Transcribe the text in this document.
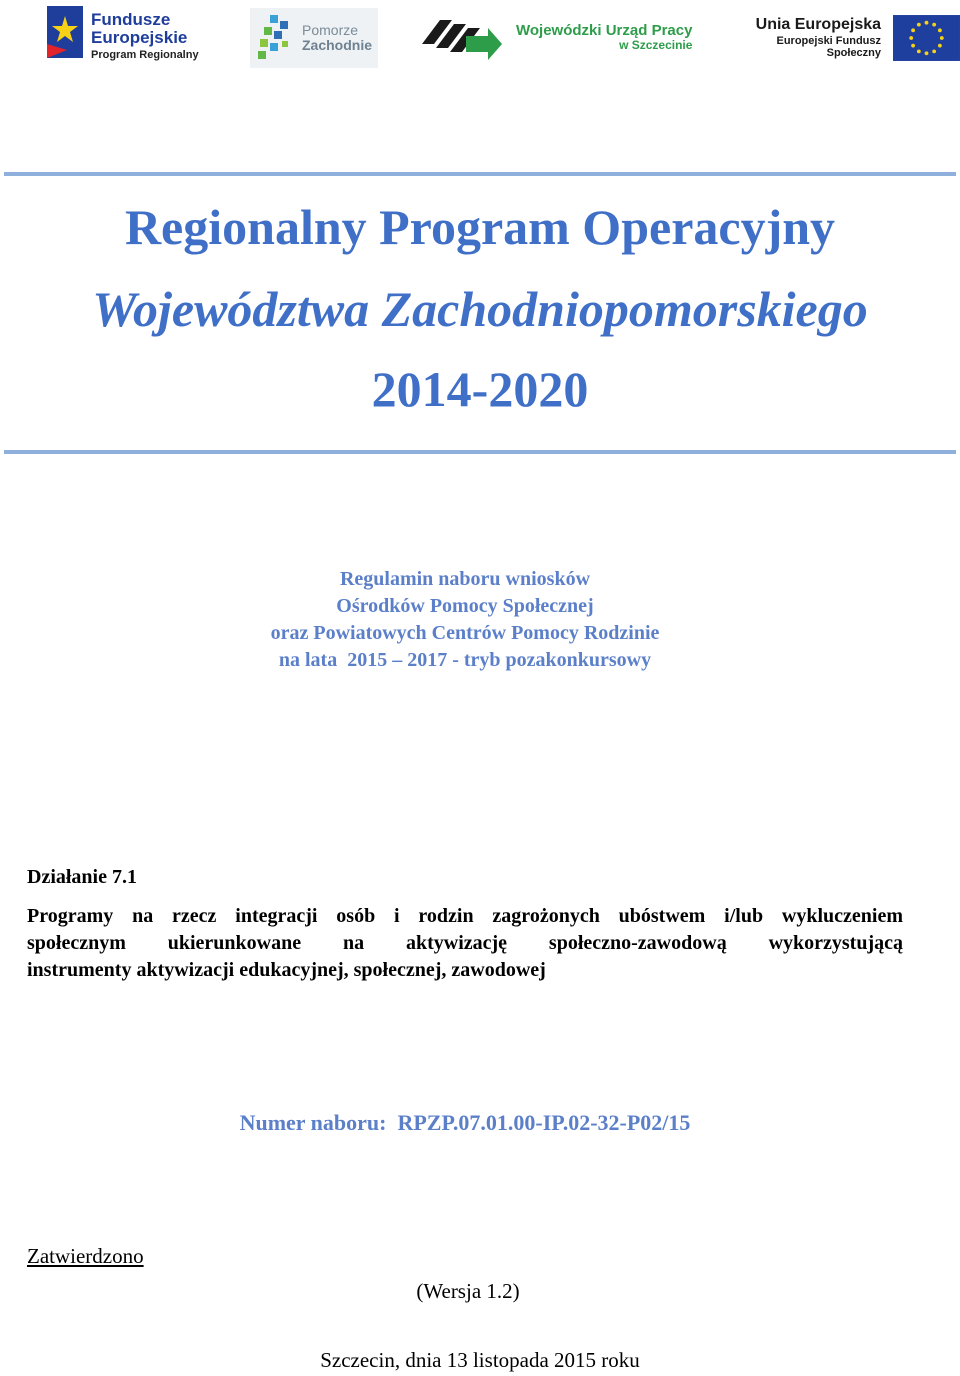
Fundusze
Europejskie
Program Regionalny
Pomorze
Zachodnie
Wojewódzki Urząd Pracy
w Szczecinie
Unia Europejska
Europejski Fundusz Społeczny
Regionalny Program Operacyjny
Województwa Zachodniopomorskiego
2014-2020
Regulamin naboru wniosków
Ośrodków Pomocy Społecznej
oraz Powiatowych Centrów Pomocy Rodzinie
na lata  2015 – 2017 - tryb pozakonkursowy
Działanie 7.1
Programy na rzecz integracji osób i rodzin zagrożonych ubóstwem i/lub wykluczeniem
społecznym ukierunkowane na aktywizację społeczno-zawodową wykorzystującą
instrumenty aktywizacji edukacyjnej, społecznej, zawodowej
Numer naboru:  RPZP.07.01.00-IP.02-32-P02/15
Zatwierdzono
(Wersja 1.2)
Szczecin, dnia 13 listopada 2015 roku
